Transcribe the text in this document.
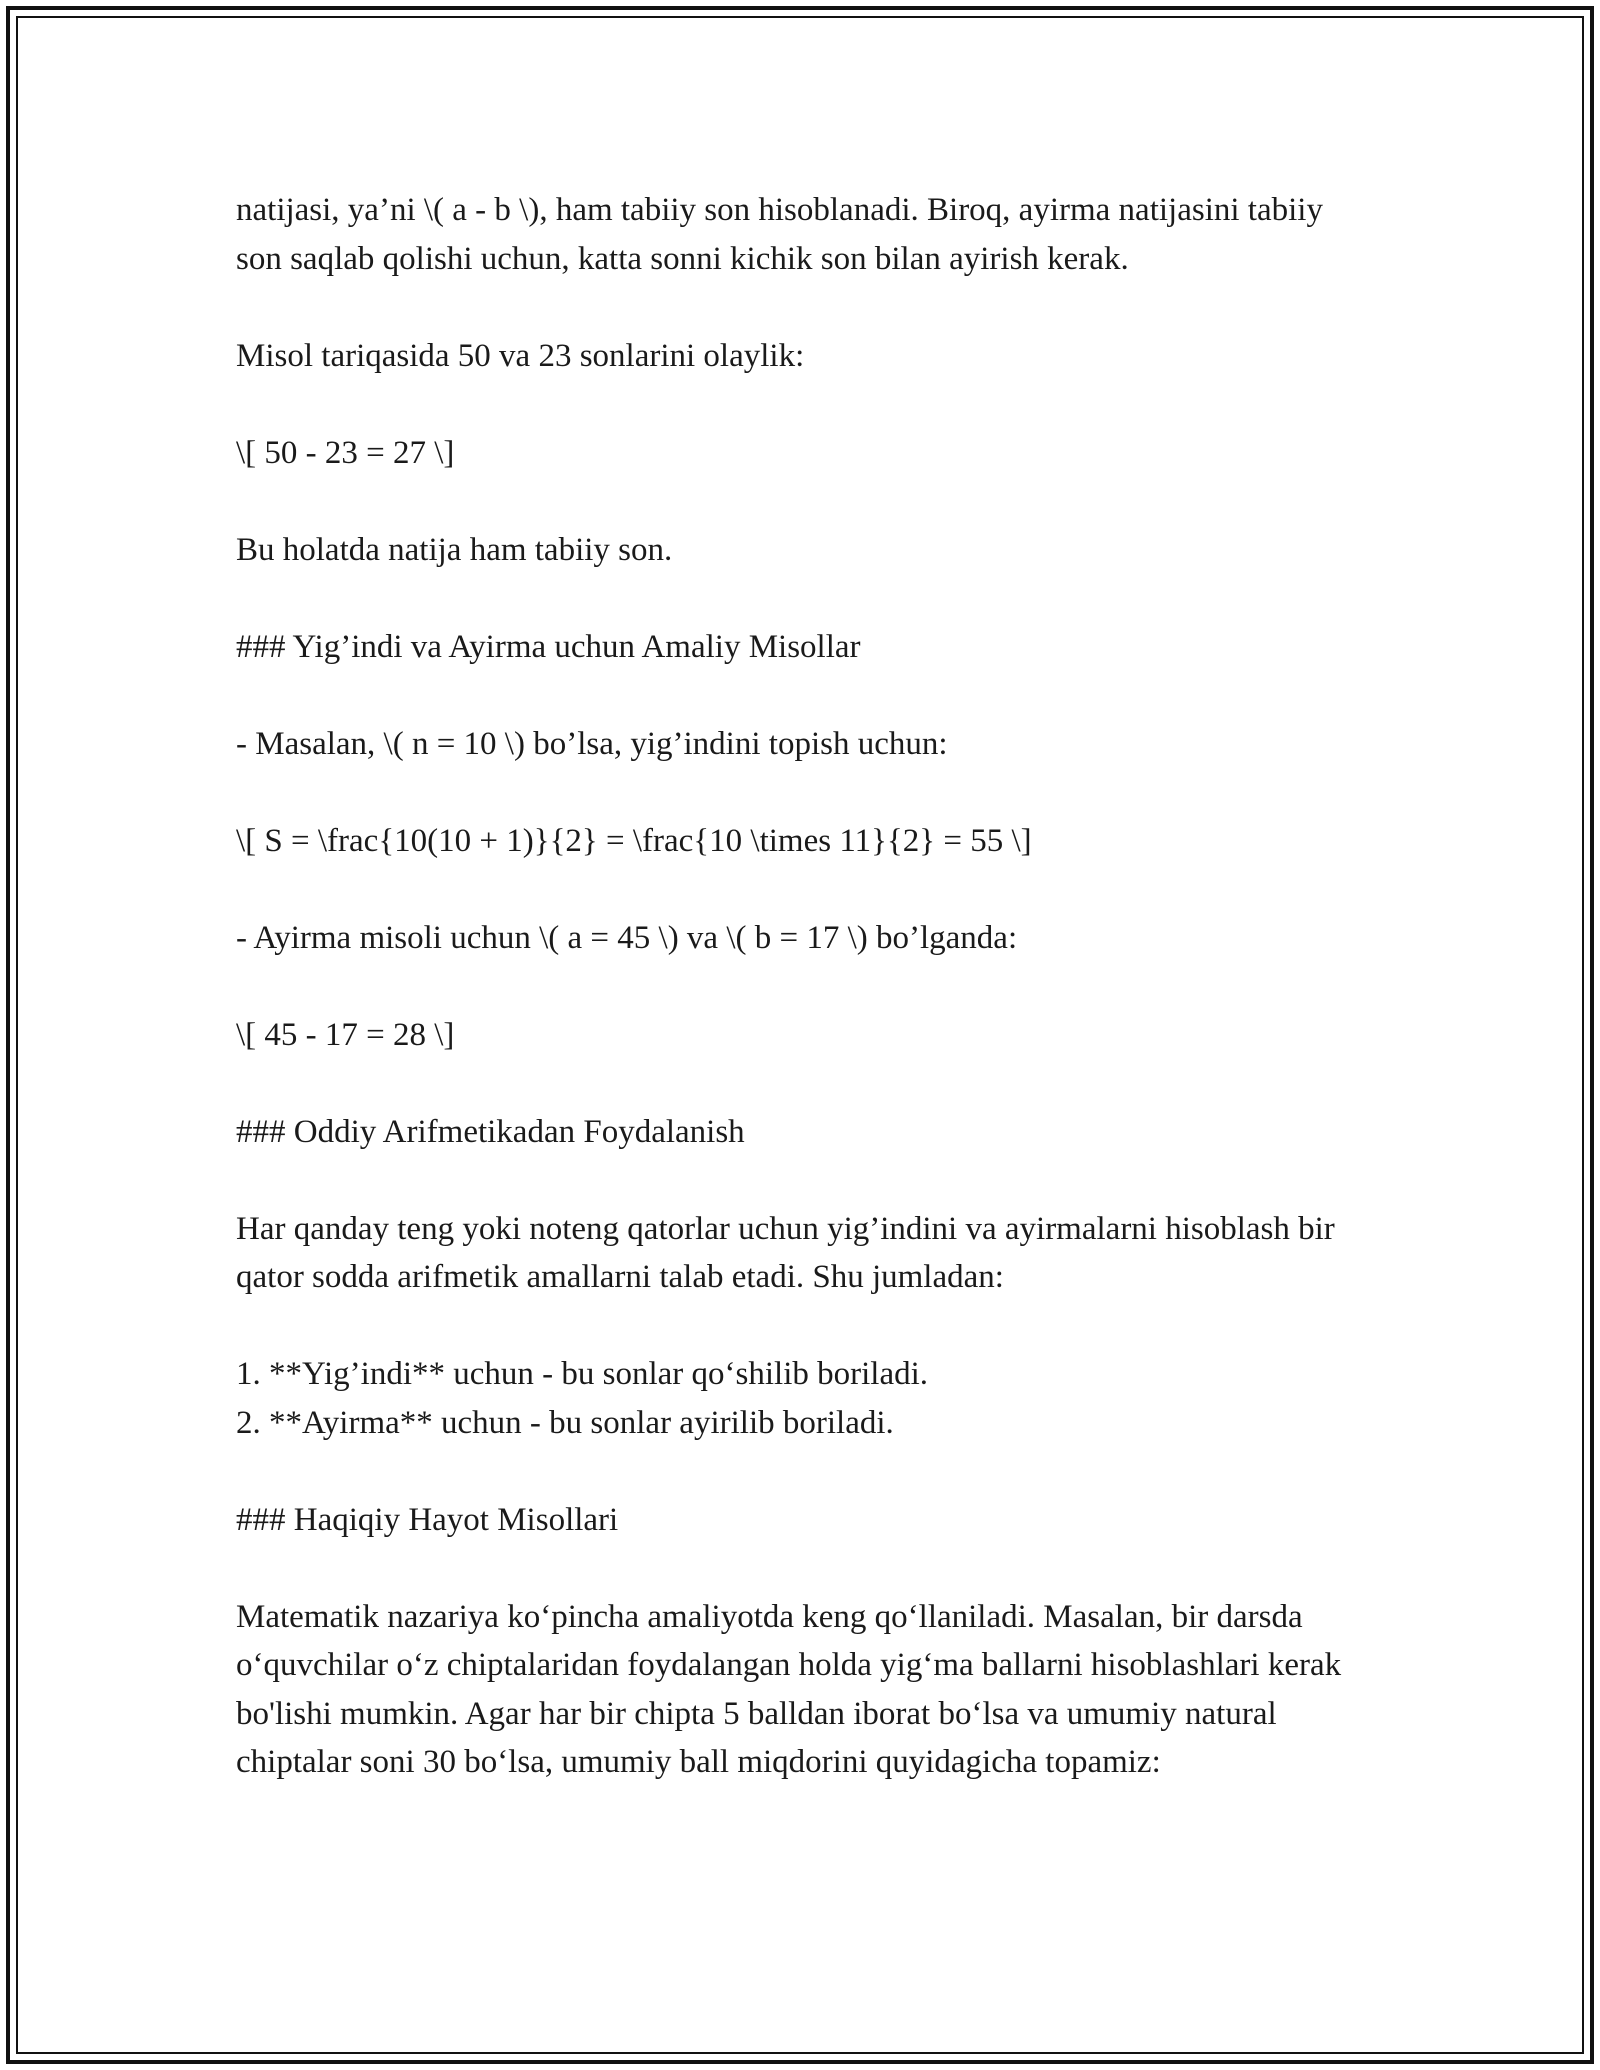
natijasi, ya’ni \( a - b \), ham tabiiy son hisoblanadi. Biroq, ayirma natijasini tabiiy son saqlab qolishi uchun, katta sonni kichik son bilan ayirish kerak.

Misol tariqasida 50 va 23 sonlarini olaylik:

\[ 50 - 23 = 27 \]

Bu holatda natija ham tabiiy son.

### Yig’indi va Ayirma uchun Amaliy Misollar

- Masalan, \( n = 10 \) bo’lsa, yig’indini topish uchun:

\[ S = \frac{10(10 + 1)}{2} = \frac{10 \times 11}{2} = 55 \]

- Ayirma misoli uchun \( a = 45 \) va \( b = 17 \) bo’lganda:

\[ 45 - 17 = 28 \]

### Oddiy Arifmetikadan Foydalanish

Har qanday teng yoki noteng qatorlar uchun yig’indini va ayirmalarni hisoblash bir qator sodda arifmetik amallarni talab etadi. Shu jumladan:

1. **Yig’indi** uchun - bu sonlar qo‘shilib boriladi.
2. **Ayirma** uchun - bu sonlar ayirilib boriladi.

### Haqiqiy Hayot Misollari

Matematik nazariya ko‘pincha amaliyotda keng qo‘llaniladi. Masalan, bir darsda o‘quvchilar o‘z chiptalaridan foydalangan holda yig‘ma ballarni hisoblashlari kerak bo'lishi mumkin. Agar har bir chipta 5 balldan iborat bo‘lsa va umumiy natural chiptalar soni 30 bo‘lsa, umumiy ball miqdorini quyidagicha topamiz:
